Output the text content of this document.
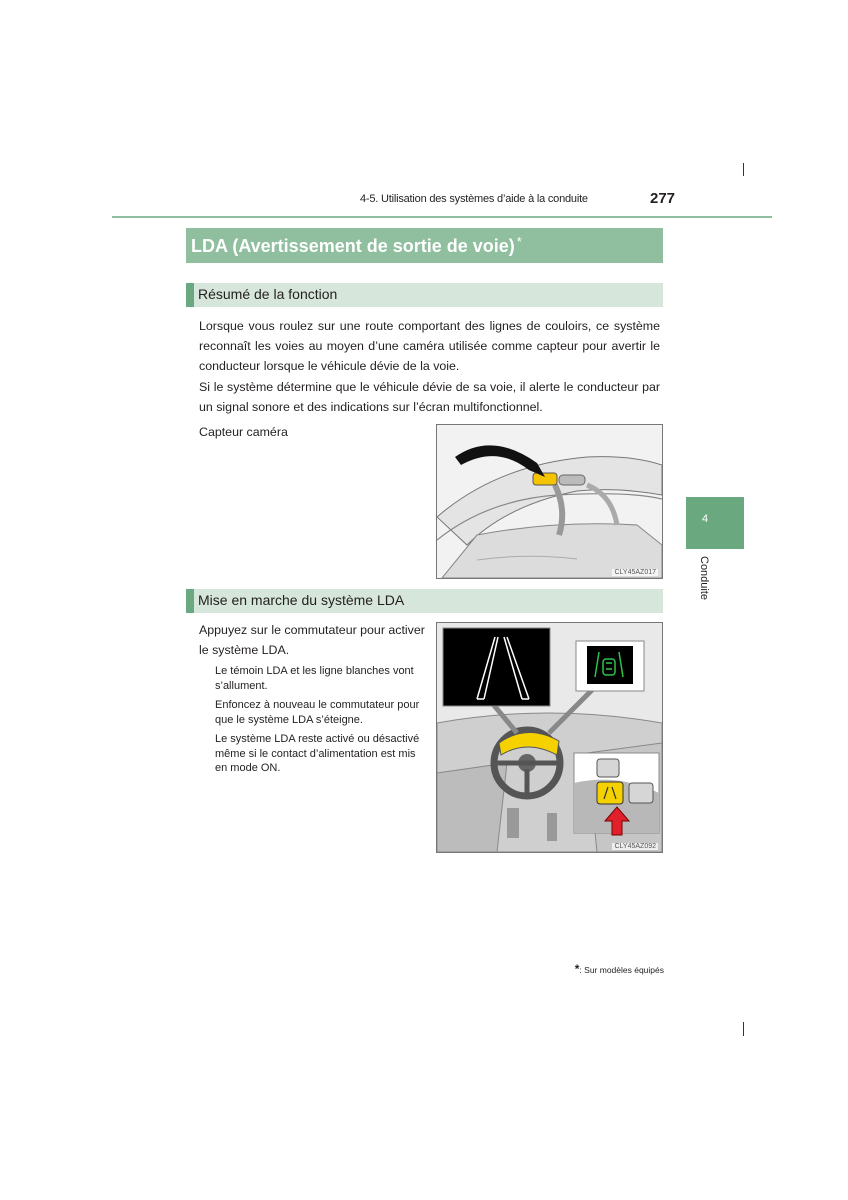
4-5. Utilisation des systèmes d’aide à la conduite	277
4
Conduite
LDA (Avertissement de sortie de voie) *
Résumé de la fonction
Lorsque vous roulez sur une route comportant des lignes de couloirs, ce système reconnaît les voies au moyen d’une caméra utilisée comme capteur pour avertir le conducteur lorsque le véhicule dévie de la voie.
Si le système détermine que le véhicule dévie de sa voie, il alerte le conducteur par un signal sonore et des indications sur l’écran multifonctionnel.
Capteur caméra
CLY45AZ017
Mise en marche du système LDA
Appuyez sur le commutateur pour activer le système LDA.
Le témoin LDA et les ligne blanches vont s’allument.
Enfoncez à nouveau le commutateur pour que le système LDA s’éteigne.
Le système LDA reste activé ou désactivé même si le contact d’alimentation est mis en mode ON.
CLY45AZ092
*: Sur modèles équipés
